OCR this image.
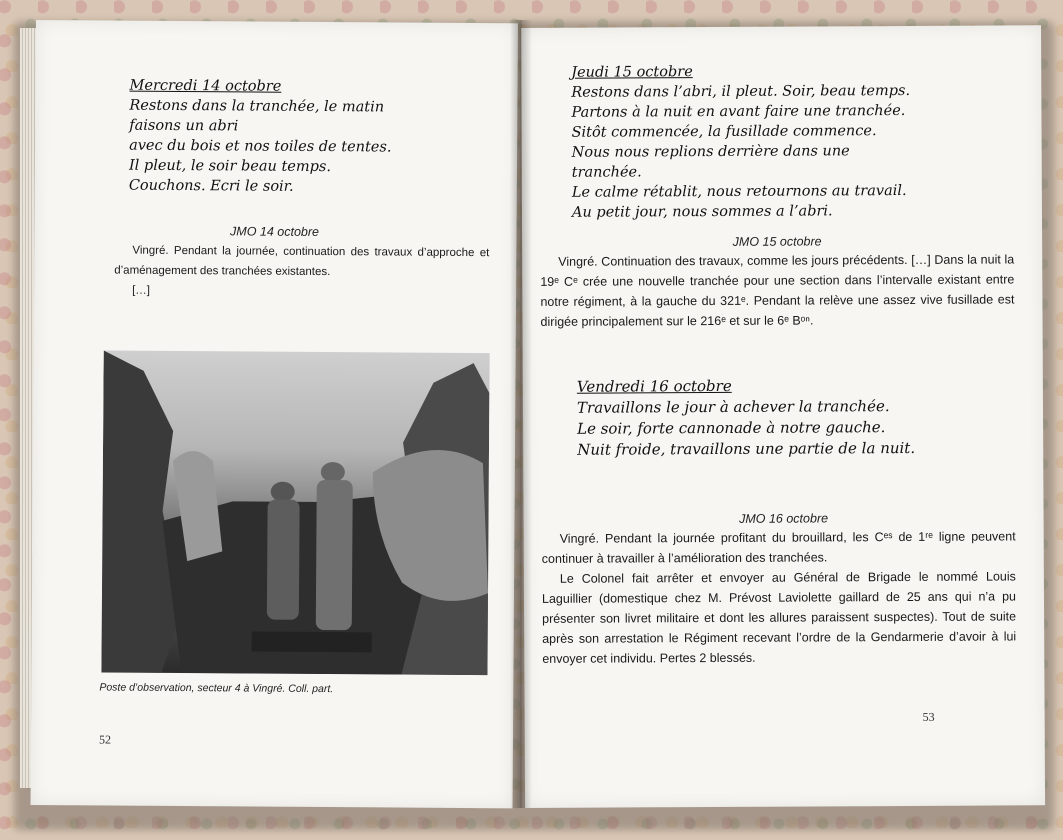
Mercredi 14 octobre
Restons dans la tranchée, le matin faisons un abri
avec du bois et nos toiles de tentes.
Il pleut, le soir beau temps.
Couchons. Ecri le soir.
JMO 14 octobre

Vingré. Pendant la journée, continuation des travaux d’approche et d’aménagement des tranchées existantes.

[…]

Poste d’observation, secteur 4 à Vingré. Coll. part.
52
Jeudi 15 octobre
Restons dans l’abri, il pleut. Soir, beau temps.
Partons à la nuit en avant faire une tranchée.
Sitôt commencée, la fusillade commence.
Nous nous replions derrière dans une tranchée.
Le calme rétablit, nous retournons au travail.
Au petit jour, nous sommes a l’abri.
JMO 15 octobre

Vingré. Continuation des travaux, comme les jours précédents. […] Dans la nuit la 19ᵉ Cᵉ crée une nouvelle tranchée pour une section dans l’intervalle existant entre notre régiment, à la gauche du 321ᵉ. Pendant la relève une assez vive fusillade est dirigée principalement sur le 216ᵉ et sur le 6ᵉ Bᵒⁿ.

Vendredi 16 octobre
Travaillons le jour à achever la tranchée.
Le soir, forte cannonade à notre gauche.
Nuit froide, travaillons une partie de la nuit.
JMO 16 octobre

Vingré. Pendant la journée profitant du brouillard, les Cᵉˢ de 1ʳᵉ ligne peuvent continuer à travailler à l’amélioration des tranchées.

Le Colonel fait arrêter et envoyer au Général de Brigade le nommé Louis Laguillier (domestique chez M. Prévost Laviolette gaillard de 25 ans qui n’a pu présenter son livret militaire et dont les allures paraissent suspectes). Tout de suite après son arrestation le Régiment recevant l’ordre de la Gendarmerie d’avoir à lui envoyer cet individu. Pertes 2 blessés.

53
